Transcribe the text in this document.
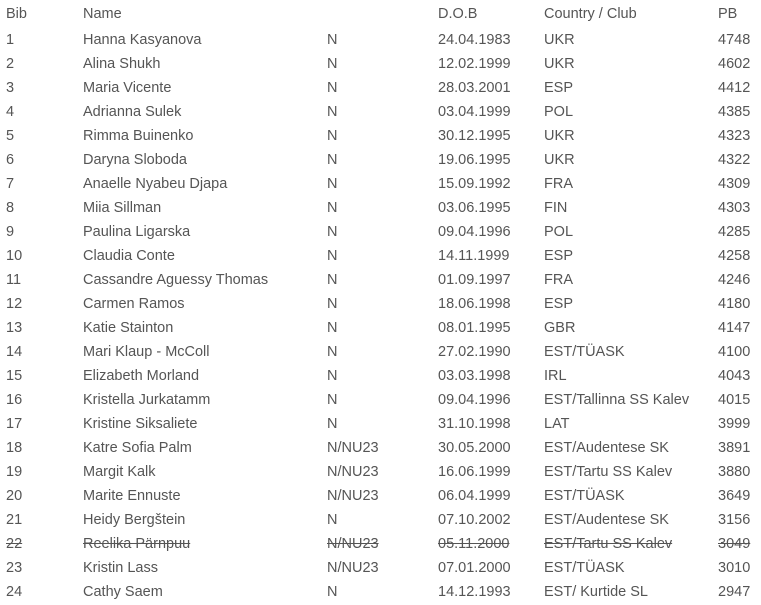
Bib	Name	D.O.B	Country / Club	PB
1	Hanna Kasyanova	N	24.04.1983 UKR	4748
2	Alina Shukh	N	12.02.1999 UKR	4602
3	Maria Vicente	N	28.03.2001 ESP	4412
4	Adrianna Sulek	N	03.04.1999 POL	4385
5	Rimma Buinenko	N	30.12.1995 UKR	4323
6	Daryna Sloboda	N	19.06.1995 UKR	4322
7	Anaelle Nyabeu Djapa	N	15.09.1992 FRA	4309
8	Miia Sillman	N	03.06.1995 FIN	4303
9	Paulina Ligarska	N	09.04.1996 POL	4285
10	Claudia Conte	N	14.11.1999 ESP	4258
11	Cassandre Aguessy Thomas	N	01.09.1997 FRA	4246
12	Carmen Ramos	N	18.06.1998 ESP	4180
13	Katie Stainton	N	08.01.1995 GBR	4147
14	Mari Klaup - McColl	N	27.02.1990 EST/TÜASK	4100
15	Elizabeth Morland	N	03.03.1998 IRL	4043
16	Kristella Jurkatamm	N	09.04.1996 EST/Tallinna SS Kalev 4015
17	Kristine Siksaliete	N	31.10.1998 LAT	3999
18	Katre Sofia Palm	N/NU23	30.05.2000 EST/Audentese SK	3891
19	Margit Kalk	N/NU23	16.06.1999 EST/Tartu SS Kalev	3880
20	Marite Ennuste	N/NU23	06.04.1999 EST/TÜASK	3649
21	Heidy Bergštein	N	07.10.2002 EST/Audentese SK	3156
22	Reelika Pärnpuu	N/NU23	05.11.2000 EST/Tartu SS Kalev	3049
23	Kristin Lass	N/NU23	07.01.2000 EST/TÜASK	3010
24	Cathy Saem	N	14.12.1993 EST/ Kurtide SL	2947
